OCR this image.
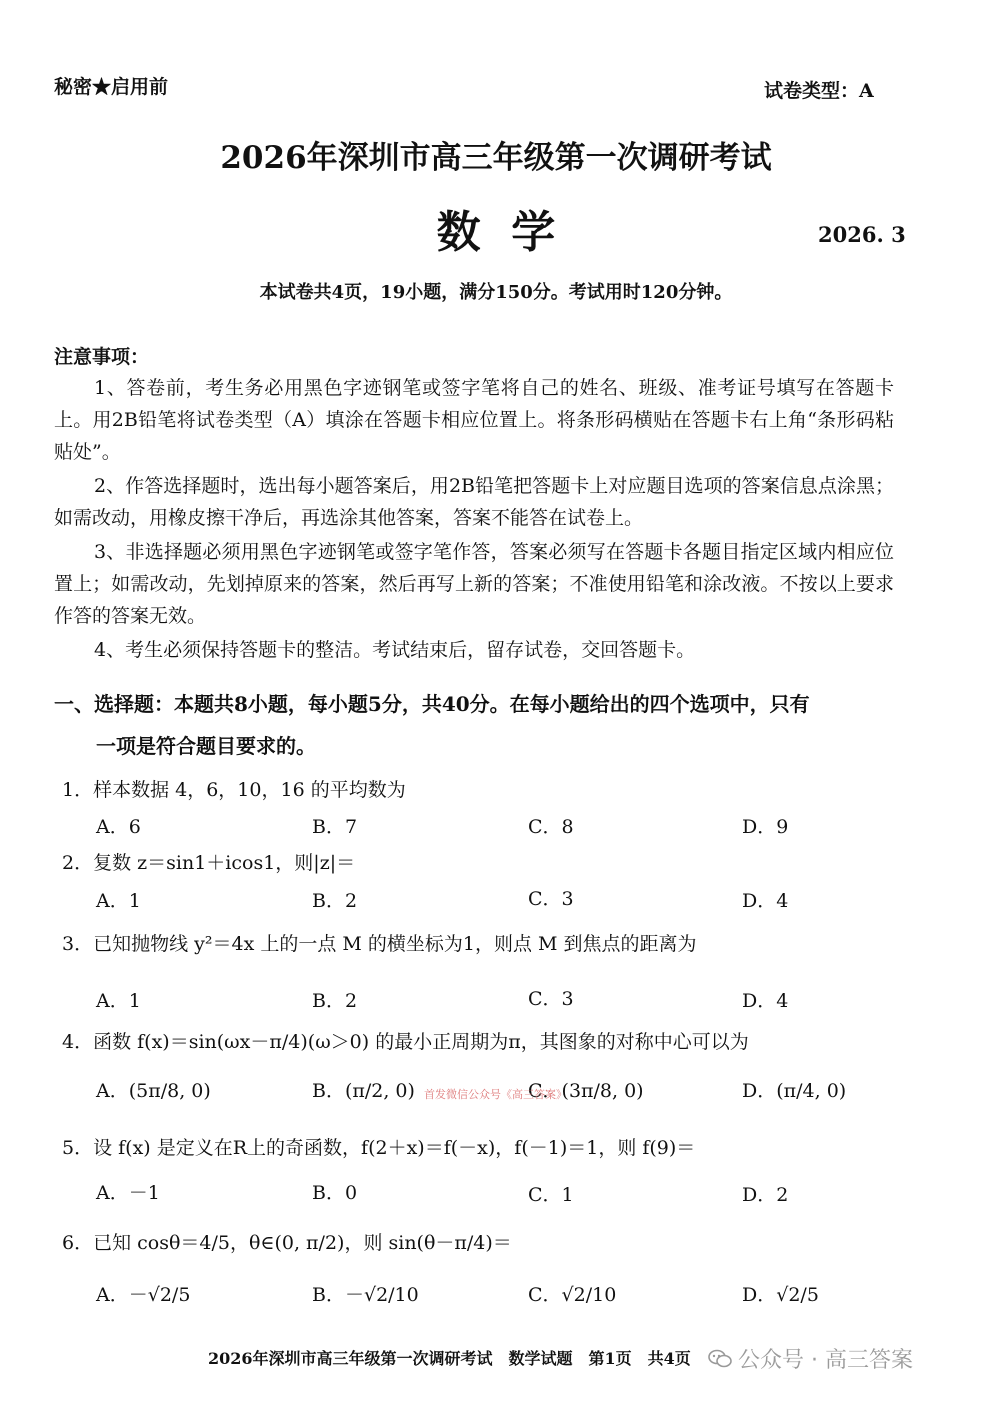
秘密★启用前	试卷类型：A
2026年深圳市高三年级第一次调研考试
数  学	2026. 3
本试卷共4页，19小题，满分150分。考试用时120分钟。
注意事项：
1、答卷前，考生务必用黑色字迹钢笔或签字笔将自己的姓名、班级、准考证号填写在答题卡上。用2B铅笔将试卷类型（A）填涂在答题卡相应位置上。将条形码横贴在答题卡右上角“条形码粘贴处”。
2、作答选择题时，选出每小题答案后，用2B铅笔把答题卡上对应题目选项的答案信息点涂黑；如需改动，用橡皮擦干净后，再选涂其他答案，答案不能答在试卷上。
3、非选择题必须用黑色字迹钢笔或签字笔作答，答案必须写在答题卡各题目指定区域内相应位置上；如需改动，先划掉原来的答案，然后再写上新的答案；不准使用铅笔和涂改液。不按以上要求作答的答案无效。
4、考生必须保持答题卡的整洁。考试结束后，留存试卷，交回答题卡。
一、选择题：本题共8小题，每小题5分，共40分。在每小题给出的四个选项中，只有
一项是符合题目要求的。
1．样本数据 4，6，10，16 的平均数为
A．6	B．7	C．8	D．9
2．复数 z＝sin1＋icos1，则|z|＝
A．1	B．2	C．3	D．4
3．已知抛物线 y²＝4x 上的一点 M 的横坐标为1，则点 M 到焦点的距离为
A．1	B．2	C．3	D．4
4．函数 f(x)＝sin(ωx－π/4)(ω＞0) 的最小正周期为π，其图象的对称中心可以为
A．(5π/8, 0)	B．(π/2, 0)	C．(3π/8, 0)	D．(π/4, 0)
首发微信公众号《高三答案》
5．设 f(x) 是定义在R上的奇函数，f(2＋x)＝f(－x)，f(－1)＝1，则 f(9)＝
A．－1	B．0	C．1	D．2
6．已知 cosθ＝4/5，θ∈(0, π/2)，则 sin(θ－π/4)＝
A．－√2/5	B．－√2/10	C．√2/10	D．√2/5
2026年深圳市高三年级第一次调研考试　数学试题　第1页　共4页 公众号 · 高三答案
